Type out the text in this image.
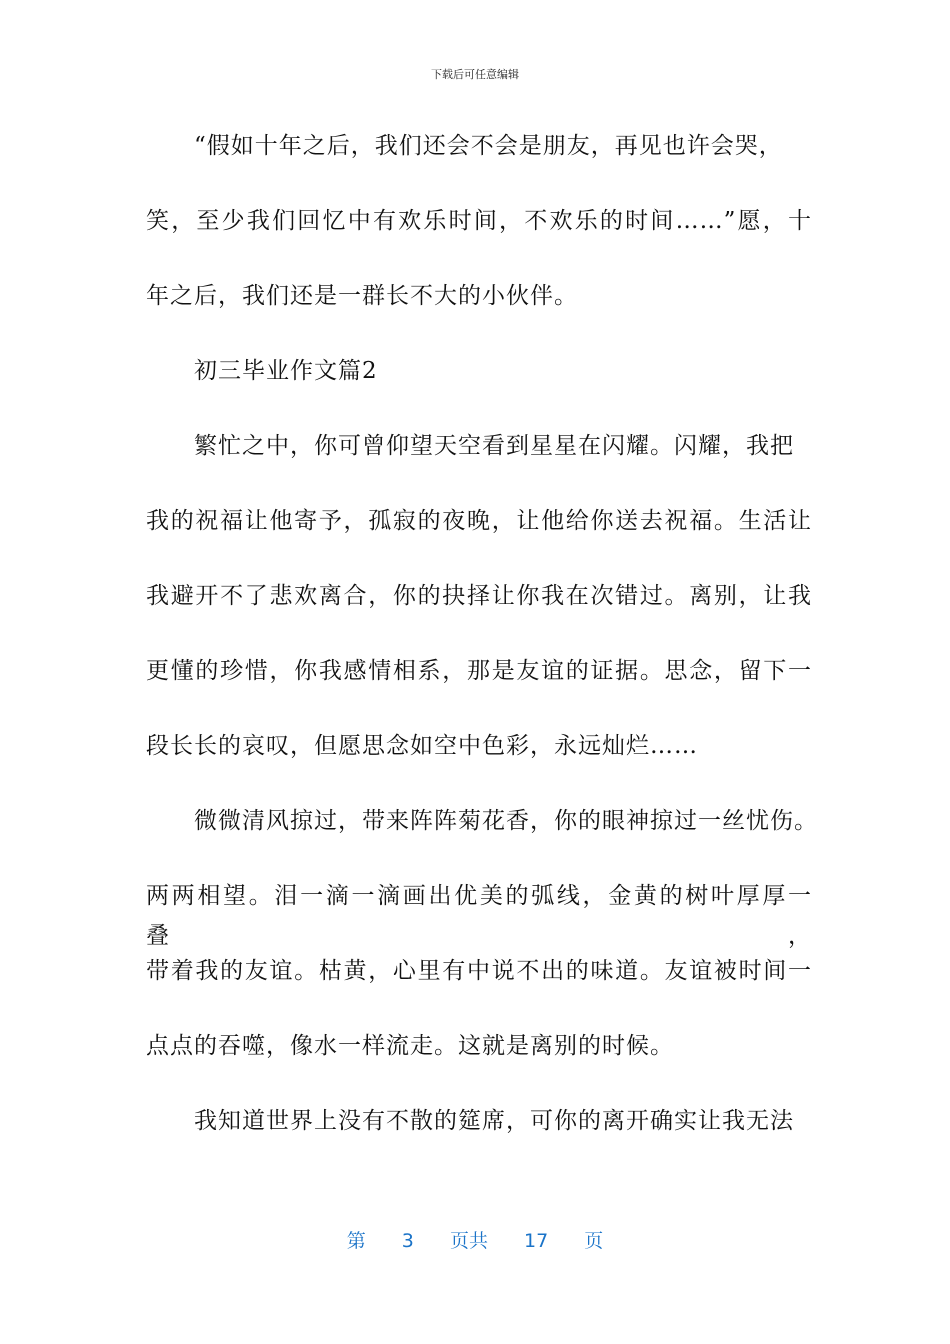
下载后可任意编辑
“假如十年之后，我们还会不会是朋友，再见也许会哭，
笑，至少我们回忆中有欢乐时间，不欢乐的时间……”愿，十
年之后，我们还是一群长不大的小伙伴。
初三毕业作文篇2
繁忙之中，你可曾仰望天空看到星星在闪耀。闪耀，我把
我的祝福让他寄予，孤寂的夜晚，让他给你送去祝福。生活让
我避开不了悲欢离合，你的抉择让你我在次错过。离别，让我
更懂的珍惜，你我感情相系，那是友谊的证据。思念，留下一
段长长的哀叹，但愿思念如空中色彩，永远灿烂……
微微清风掠过，带来阵阵菊花香，你的眼神掠过一丝忧伤。
两两相望。泪一滴一滴画出优美的弧线，金黄的树叶厚厚一叠，
带着我的友谊。枯黄，心里有中说不出的味道。友谊被时间一
点点的吞噬，像水一样流走。这就是离别的时候。
我知道世界上没有不散的筵席，可你的离开确实让我无法
第 3 页共 17 页
